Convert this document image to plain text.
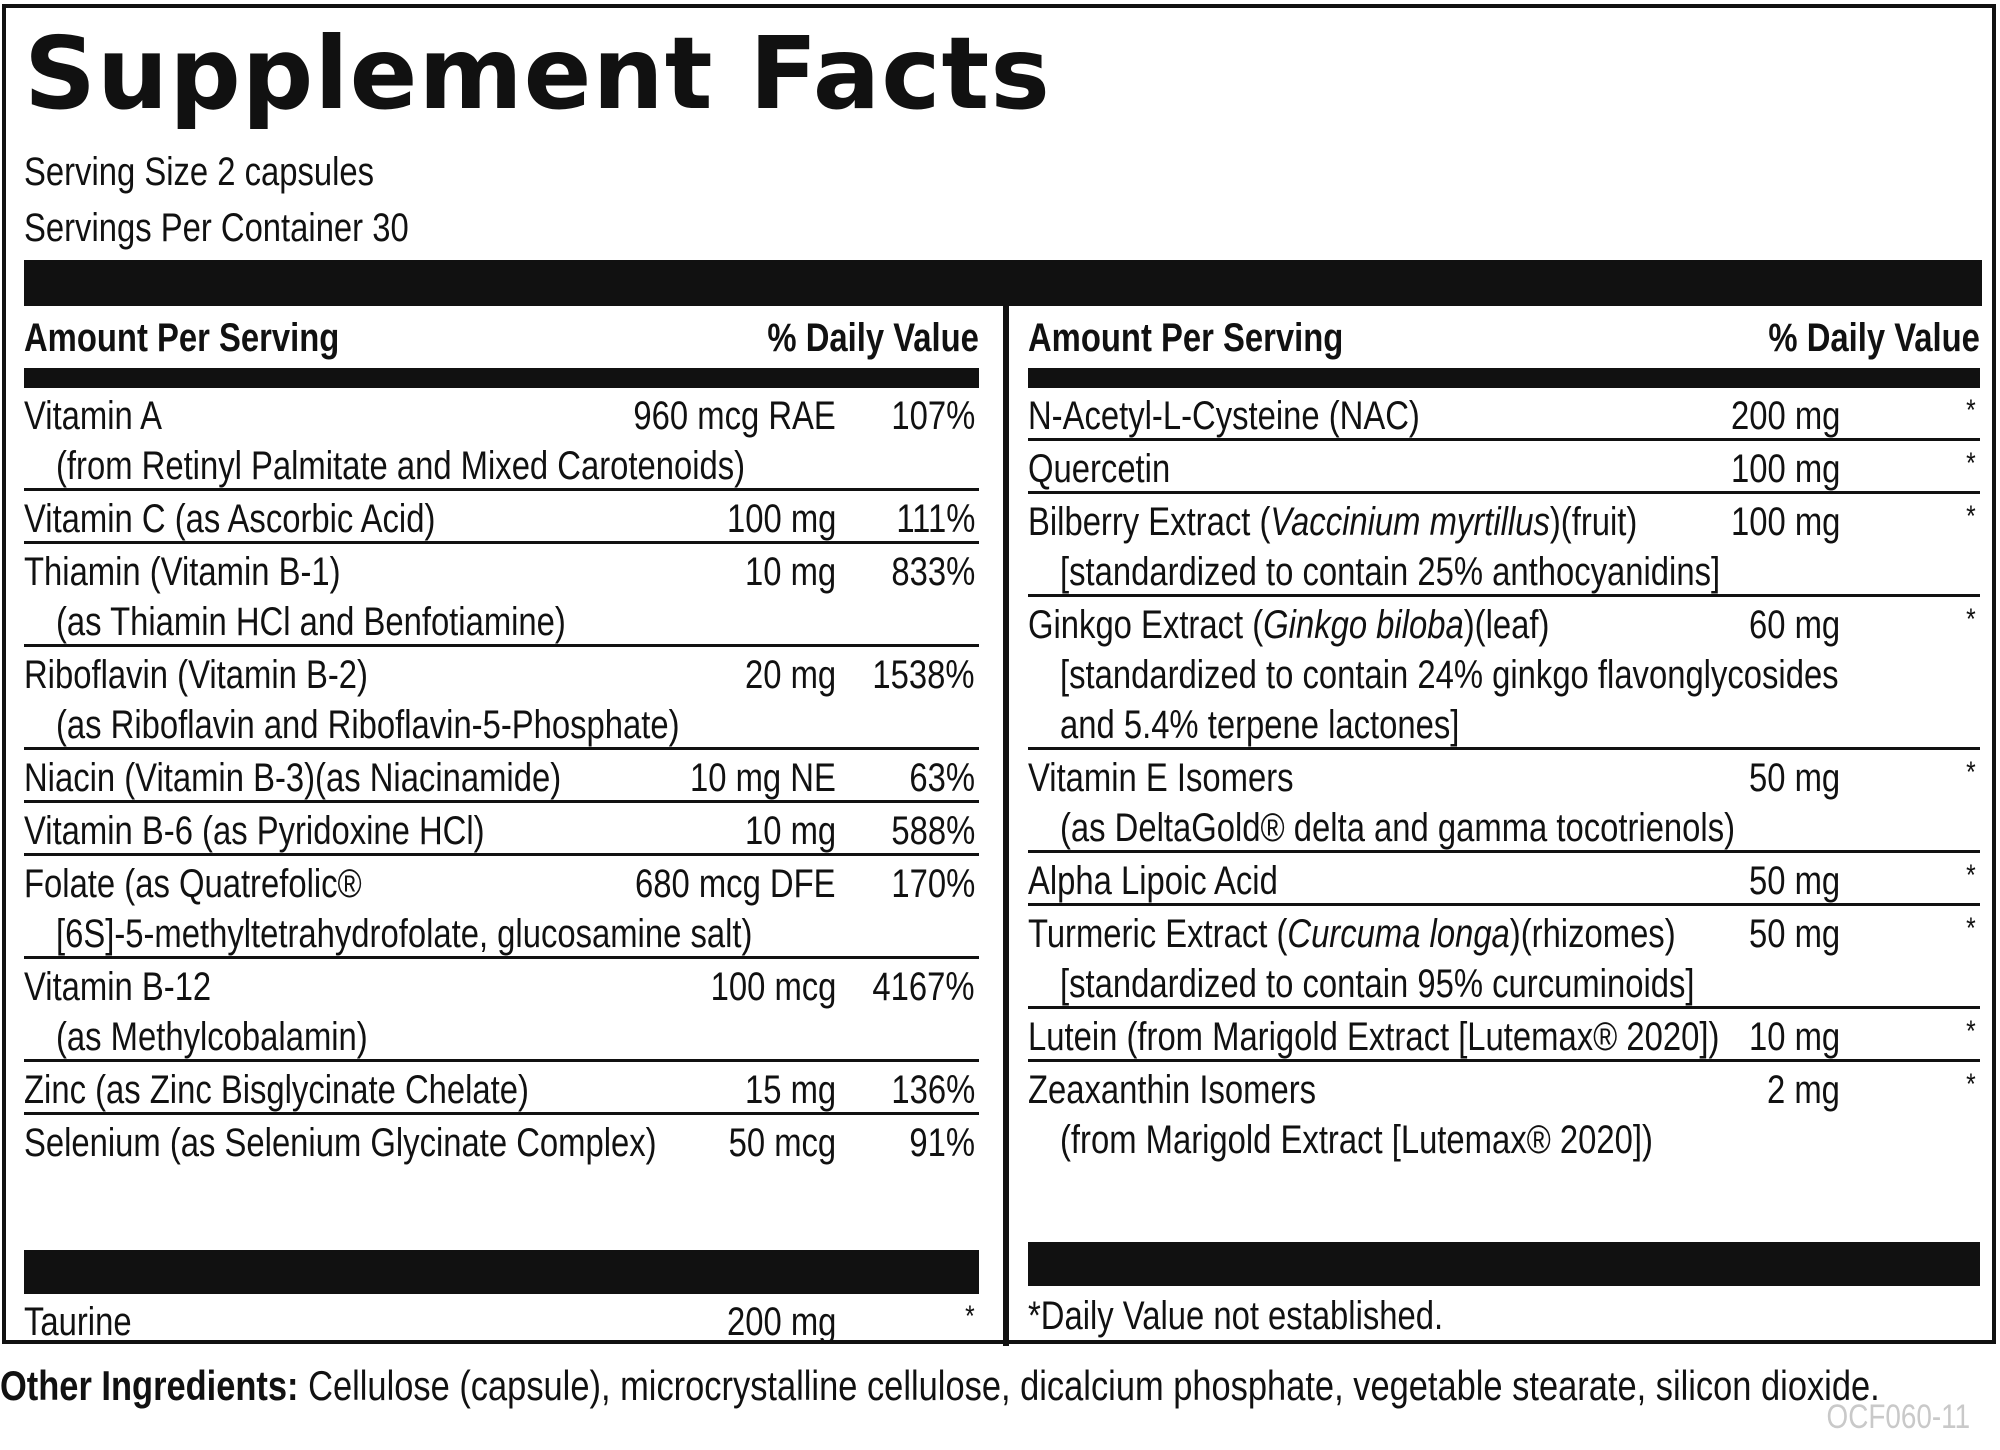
Supplement Facts
Serving Size 2 capsules
Servings Per Container 30
Amount Per Serving	% Daily Value
Vitamin A	960 mcg RAE 107%
(from Retinyl Palmitate and Mixed Carotenoids)
Vitamin C (as Ascorbic Acid)	100 mg 111%
Thiamin (Vitamin B-1)	10 mg 833%
(as Thiamin HCl and Benfotiamine)
Riboflavin (Vitamin B-2)	20 mg 1538%
(as Riboflavin and Riboflavin-5-Phosphate)
Niacin (Vitamin B-3)(as Niacinamide)	10 mg NE 63%
Vitamin B-6 (as Pyridoxine HCl)	10 mg 588%
Folate (as Quatrefolic®	680 mcg DFE 170%
[6S]-5-methyltetrahydrofolate, glucosamine salt)
Vitamin B-12	100 mcg 4167%
(as Methylcobalamin)
Zinc (as Zinc Bisglycinate Chelate)	15 mg 136%
Selenium (as Selenium Glycinate Complex) 50 mcg 91%
Amount Per Serving	% Daily Value
N-Acetyl-L-Cysteine (NAC)	200 mg	*
Quercetin	100 mg	*
Bilberry Extract (Vaccinium myrtillus)(fruit) 100 mg	*
[standardized to contain 25% anthocyanidins]
Ginkgo Extract (Ginkgo biloba)(leaf)	60 mg	*
[standardized to contain 24% ginkgo flavonglycosides
and 5.4% terpene lactones]
Vitamin E Isomers	50 mg	*
(as DeltaGold® delta and gamma tocotrienols)
Alpha Lipoic Acid	50 mg	*
Turmeric Extract (Curcuma longa)(rhizomes) 50 mg	*
[standardized to contain 95% curcuminoids]
Lutein (from Marigold Extract [Lutemax® 2020]) 10 mg	*
Zeaxanthin Isomers	2 mg	*
(from Marigold Extract [Lutemax® 2020])
Taurine	200 mg	* *Daily Value not established.
Other Ingredients: Cellulose (capsule), microcrystalline cellulose, dicalcium phosphate, vegetable stearate, silicon dioxide.
OCF060-11
